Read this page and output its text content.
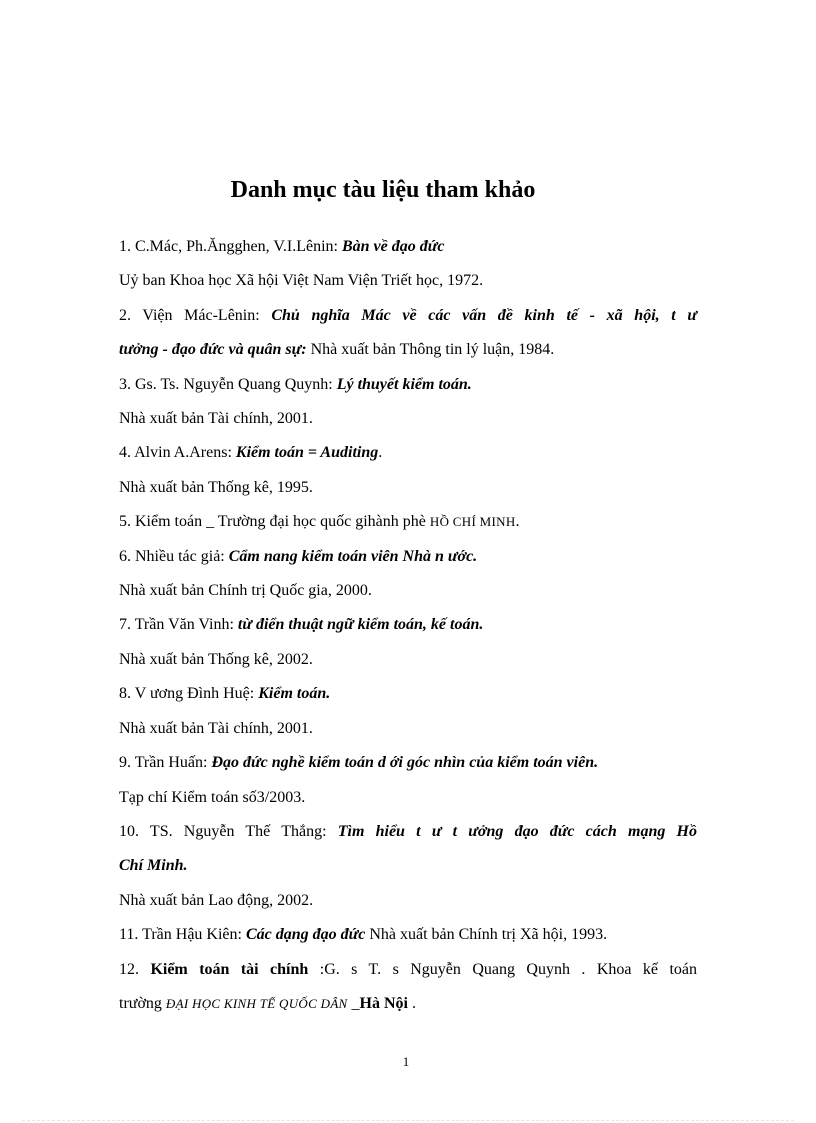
Danh mục tàu liệu tham khảo
1. C.Mác, Ph.Ăngghen, V.I.Lênin: Bàn về đạo đức
Uỷ ban Khoa học Xã hội Việt Nam Viện Triết học, 1972.
2. Viện Mác-Lênin: Chủ nghĩa Mác về các vấn đề kinh tế - xã hội, t ư
tưởng - đạo đức và quân sự: Nhà xuất bản Thông tin lý luận, 1984.
3. Gs. Ts. Nguyễn Quang Quynh: Lý thuyết kiểm toán.
Nhà xuất bản Tài chính, 2001.
4. Alvin A.Arens: Kiểm toán = Auditing.
Nhà xuất bản Thống kê, 1995.
5. Kiểm toán _ Trường đại học quốc gihành phè HỒ CHÍ MINH.
6. Nhiều tác giả: Cẩm nang kiểm toán viên Nhà n ước.
Nhà xuất bản Chính trị Quốc gia, 2000.
7. Trần Văn Vinh: từ điển thuật ngữ kiểm toán, kế toán.
Nhà xuất bản Thống kê, 2002.
8. V ương Đình Huệ: Kiểm toán.
Nhà xuất bản Tài chính, 2001.
9. Trần Huấn: Đạo đức nghề kiểm toán d ới góc nhìn của kiểm toán viên.
Tạp chí Kiểm toán số3/2003.
10. TS. Nguyễn Thế Thắng: Tìm hiểu t ư t ưởng đạo đức cách mạng Hồ
Chí Minh.
Nhà xuất bản Lao động, 2002.
11. Trần Hậu Kiên: Các dạng đạo đức Nhà xuất bản Chính trị Xã hội, 1993.
12. Kiểm toán tài chính :G. s T. s Nguyễn Quang Quynh . Khoa kế toán
trường ĐẠI HỌC KINH TẾ QUỐC DÂN _Hà Nội .
1
